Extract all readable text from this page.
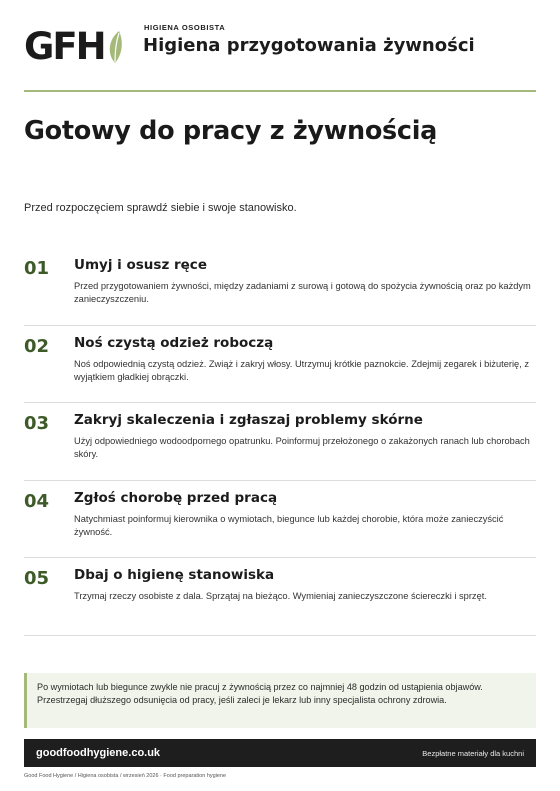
GFH	HIGIENA OSOBISTA
Higiena przygotowania żywności
Gotowy do pracy z żywnością

Przed rozpoczęciem sprawdź siebie i swoje stanowisko.

01 Umyj i osusz ręce
Przed przygotowaniem żywności, między zadaniami z surową i gotową do spożycia żywnością oraz po każdym zanieczyszczeniu.
02 Noś czystą odzież roboczą
Noś odpowiednią czystą odzież. Zwiąż i zakryj włosy. Utrzymuj krótkie paznokcie. Zdejmij zegarek i biżuterię, z wyjątkiem gładkiej obrączki.
03 Zakryj skaleczenia i zgłaszaj problemy skórne
Użyj odpowiedniego wodoodpornego opatrunku. Poinformuj przełożonego o zakażonych ranach lub chorobach skóry.
04 Zgłoś chorobę przed pracą
Natychmiast poinformuj kierownika o wymiotach, biegunce lub każdej chorobie, która może zanieczyścić żywność.
05 Dbaj o higienę stanowiska
Trzymaj rzeczy osobiste z dala. Sprzątaj na bieżąco. Wymieniaj zanieczyszczone ściereczki i sprzęt.

Po wymiotach lub biegunce zwykle nie pracuj z żywnością przez co najmniej 48 godzin od ustąpienia objawów. Przestrzegaj dłuższego odsunięcia od pracy, jeśli zaleci je lekarz lub inny specjalista ochrony zdrowia.

goodfoodhygiene.co.uk	Bezpłatne materiały dla kuchni
Good Food Hygiene / Higiena osobista / wrzesień 2026 · Food preparation hygiene
